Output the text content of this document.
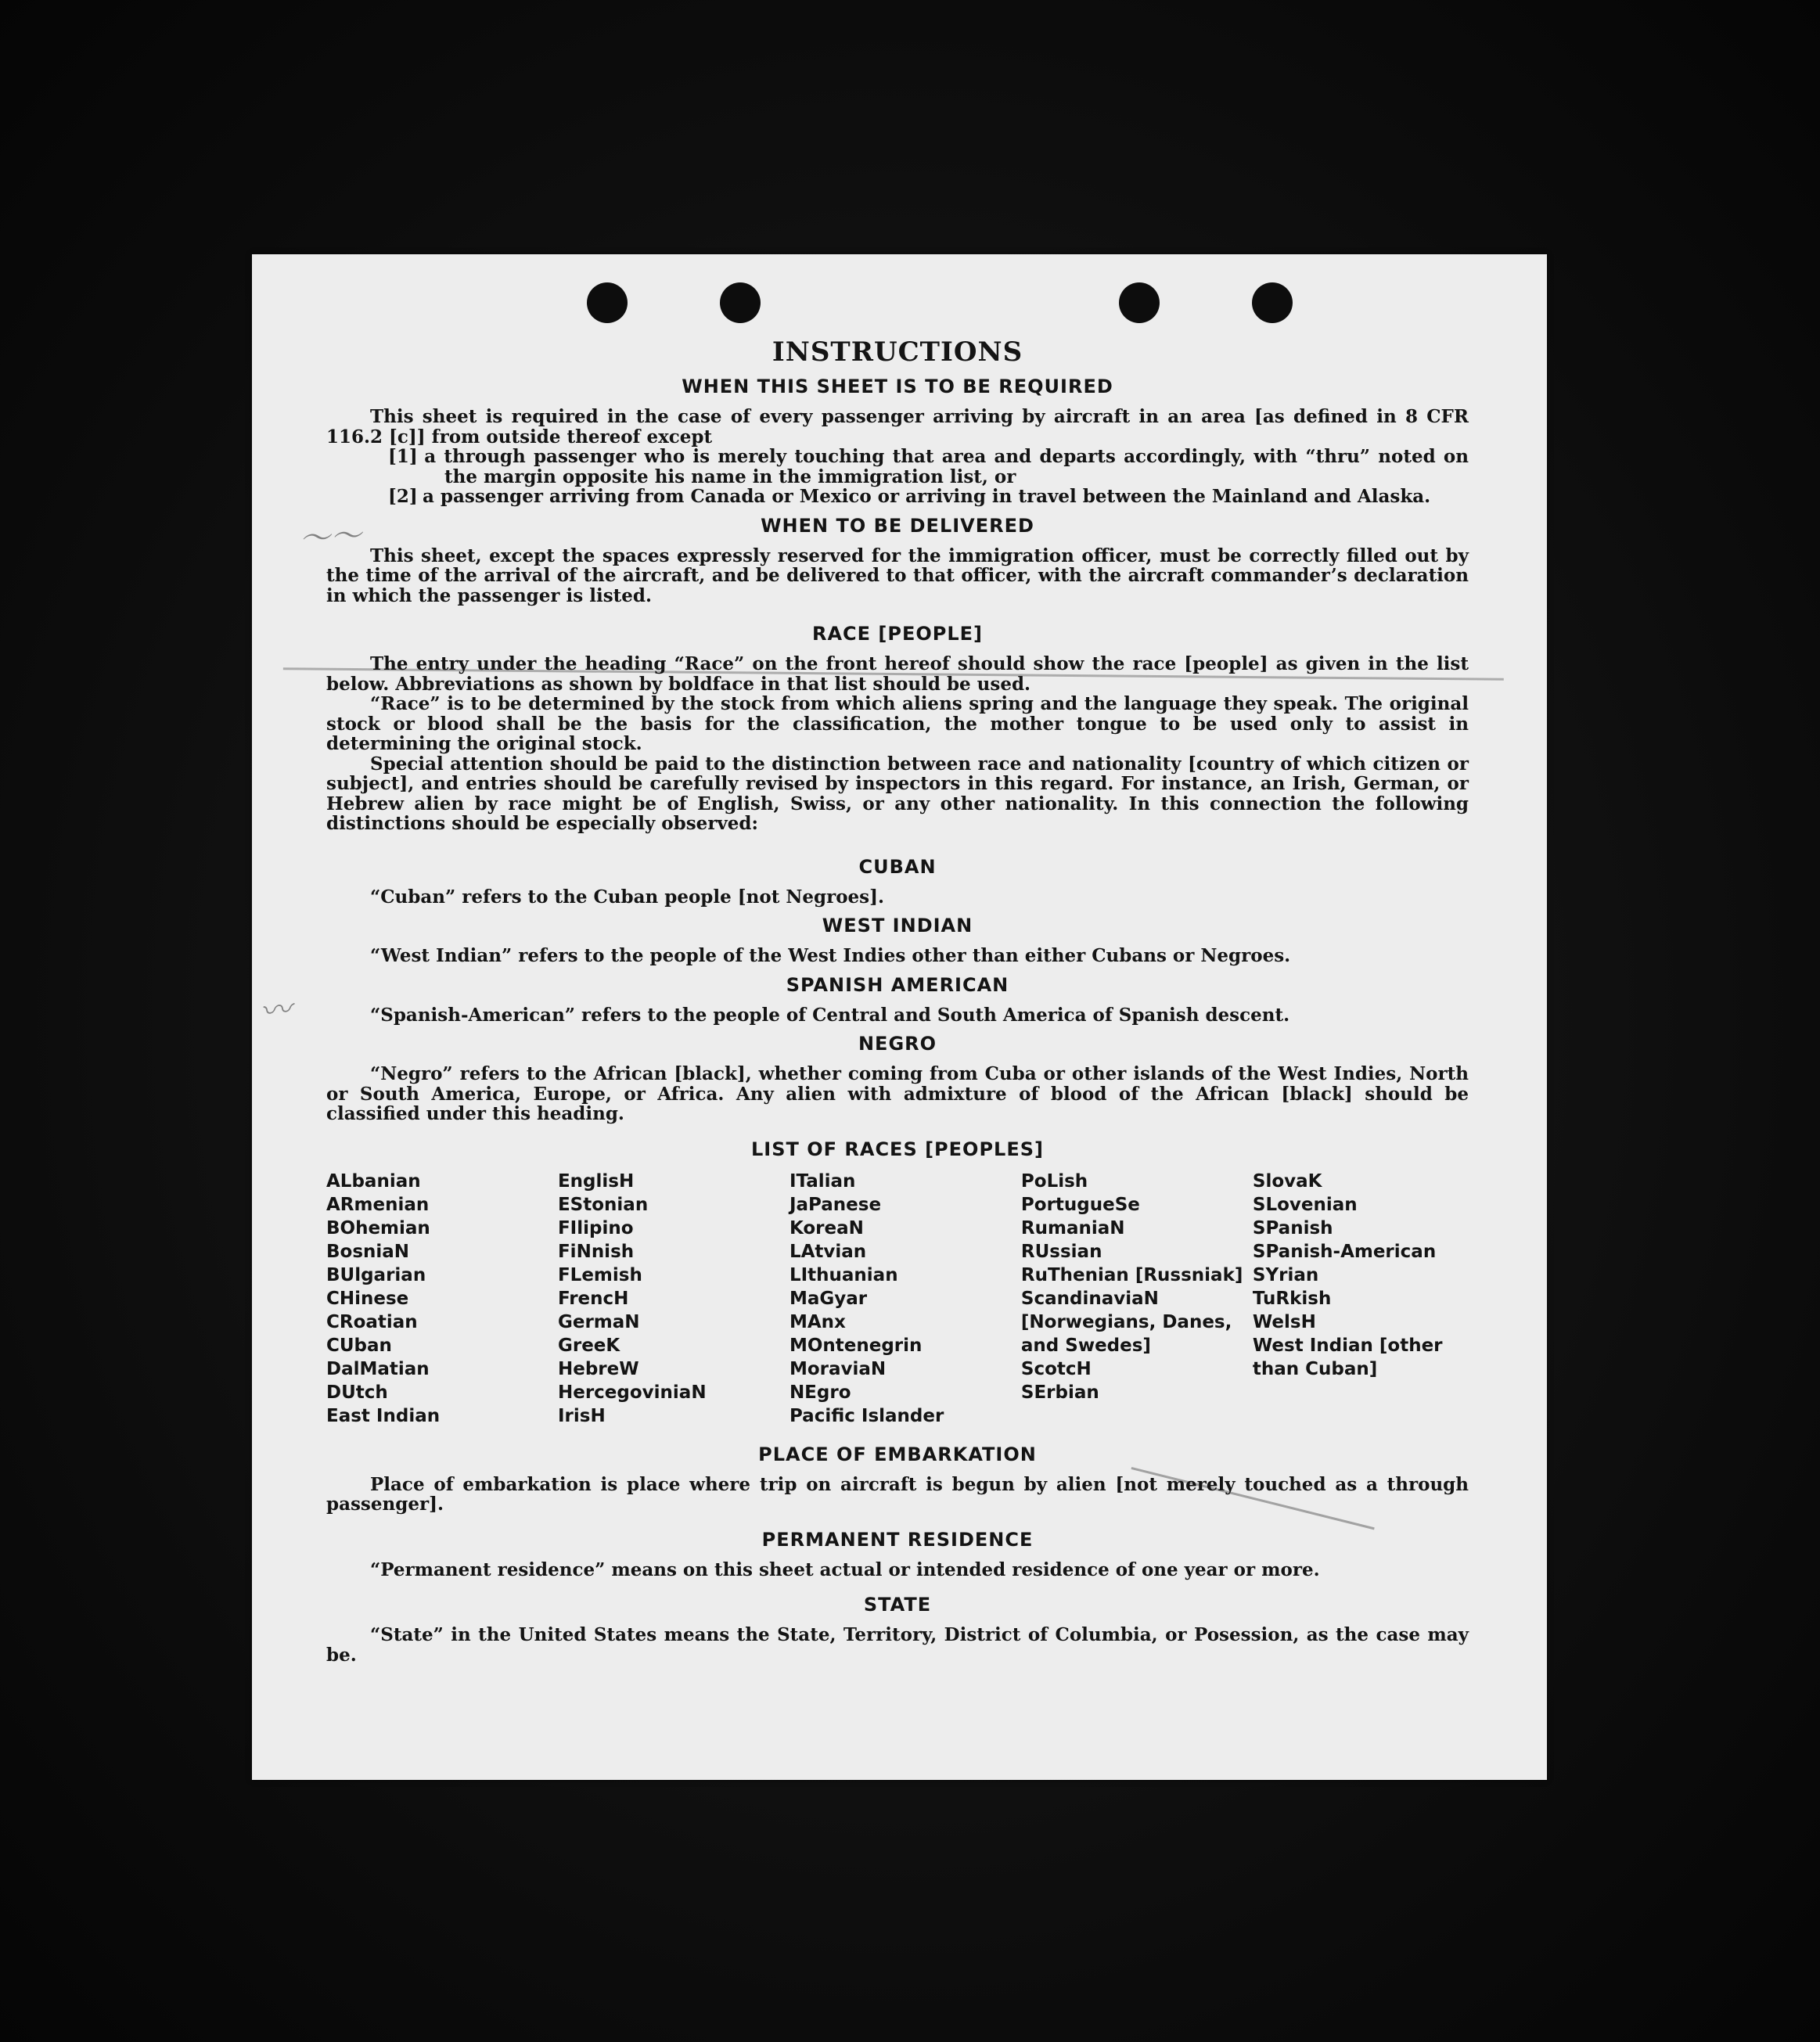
～～
〰
INSTRUCTIONS
WHEN THIS SHEET IS TO BE REQUIRED

This sheet is required in the case of every passenger arriving by aircraft in an area [as defined in 8 CFR 116.2 [c]] from outside thereof except

[1] a through passenger who is merely touching that area and departs accordingly, with “thru” noted on the margin opposite his name in the immigration list, or

[2] a passenger arriving from Canada or Mexico or arriving in travel between the Mainland and Alaska.

WHEN TO BE DELIVERED

This sheet, except the spaces expressly reserved for the immigration officer, must be correctly filled out by the time of the arrival of the aircraft, and be delivered to that officer, with the aircraft commander’s declaration in which the passenger is listed.

RACE [PEOPLE]

The entry under the heading “Race” on the front hereof should show the race [people] as given in the list below. Abbreviations as shown by boldface in that list should be used.

“Race” is to be determined by the stock from which aliens spring and the language they speak. The original stock or blood shall be the basis for the classification, the mother tongue to be used only to assist in determining the original stock.

Special attention should be paid to the distinction between race and nationality [country of which citizen or subject], and entries should be carefully revised by inspectors in this regard. For instance, an Irish, German, or Hebrew alien by race might be of English, Swiss, or any other nationality. In this connection the following distinctions should be especially observed:

CUBAN

“Cuban” refers to the Cuban people [not Negroes].

WEST INDIAN

“West Indian” refers to the people of the West Indies other than either Cubans or Negroes.

SPANISH AMERICAN

“Spanish-American” refers to the people of Central and South America of Spanish descent.

NEGRO

“Negro” refers to the African [black], whether coming from Cuba or other islands of the West Indies, North or South America, Europe, or Africa. Any alien with admixture of blood of the African [black] should be classified under this heading.

LIST OF RACES [PEOPLES]
ALbanian
ARmenian
BOhemian
BosniaN
BUlgarian
CHinese
CRoatian
CUban
DalMatian
DUtch
East Indian
EnglisH
EStonian
FIlipino
FiNnish
FLemish
FrencH
GermaN
GreeK
HebreW
HercegoviniaN
IrisH
ITalian
JaPanese
KoreaN
LAtvian
LIthuanian
MaGyar
MAnx
MOntenegrin
MoraviaN
NEgro
Pacific Islander
PoLish
PortugueSe
RumaniaN
RUssian
RuThenian [Russniak]
ScandinaviaN [Norwegians, Danes, and Swedes]
ScotcH
SErbian
SlovaK
SLovenian
SPanish
SPanish-American
SYrian
TuRkish
WelsH
West Indian [other than Cuban]
PLACE OF EMBARKATION

Place of embarkation is place where trip on aircraft is begun by alien [not merely touched as a through passenger].

PERMANENT RESIDENCE

“Permanent residence” means on this sheet actual or intended residence of one year or more.

STATE

“State” in the United States means the State, Territory, District of Columbia, or Posession, as the case may be.
